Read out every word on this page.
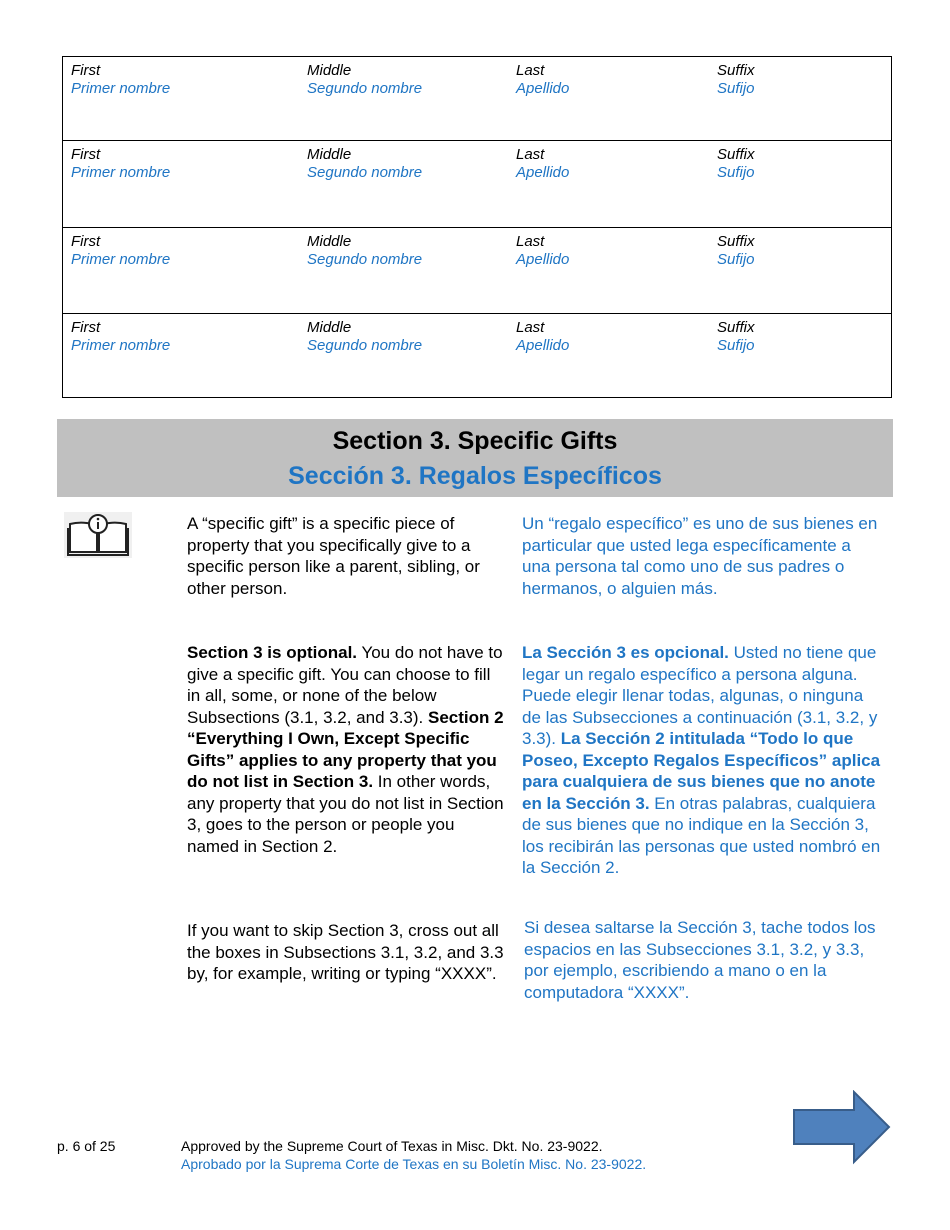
First
Primer nombre
Middle
Segundo nombre
Last
Apellido
Suffix
Sufijo
First
Primer nombre
Middle
Segundo nombre
Last
Apellido
Suffix
Sufijo
First
Primer nombre
Middle
Segundo nombre
Last
Apellido
Suffix
Sufijo
First
Primer nombre
Middle
Segundo nombre
Last
Apellido
Suffix
Sufijo
Section 3. Specific Gifts
Sección 3. Regalos Específicos
A “specific gift” is a specific piece of property that you specifically give to a specific person like a parent, sibling, or other person.
Un “regalo específico” es uno de sus bienes en particular que usted lega específicamente a una persona tal como uno de sus padres o hermanos, o alguien más.
Section 3 is optional. You do not have to give a specific gift. You can choose to fill in all, some, or none of the below Subsections (3.1, 3.2, and 3.3). Section 2 “Everything I Own, Except Specific Gifts” applies to any property that you do not list in Section 3. In other words, any property that you do not list in Section 3, goes to the person or people you named in Section 2.
La Sección 3 es opcional. Usted no tiene que legar un regalo específico a persona alguna. Puede elegir llenar todas, algunas, o ninguna de las Subsecciones a continuación (3.1, 3.2, y 3.3). La Sección 2 intitulada “Todo lo que Poseo, Excepto Regalos Específicos” aplica para cualquiera de sus bienes que no anote en la Sección 3. En otras palabras, cualquiera de sus bienes que no indique en la Sección 3, los recibirán las personas que usted nombró en la Sección 2.
If you want to skip Section 3, cross out all the boxes in Subsections 3.1, 3.2, and 3.3 by, for example, writing or typing “XXXX”.
Si desea saltarse la Sección 3, tache todos los espacios en las Subsecciones 3.1, 3.2, y 3.3, por ejemplo, escribiendo a mano o en la computadora “XXXX”.
p. 6 of 25	Approved by the Supreme Court of Texas in Misc. Dkt. No. 23-9022.
Aprobado por la Suprema Corte de Texas en su Boletín Misc. No. 23-9022.
